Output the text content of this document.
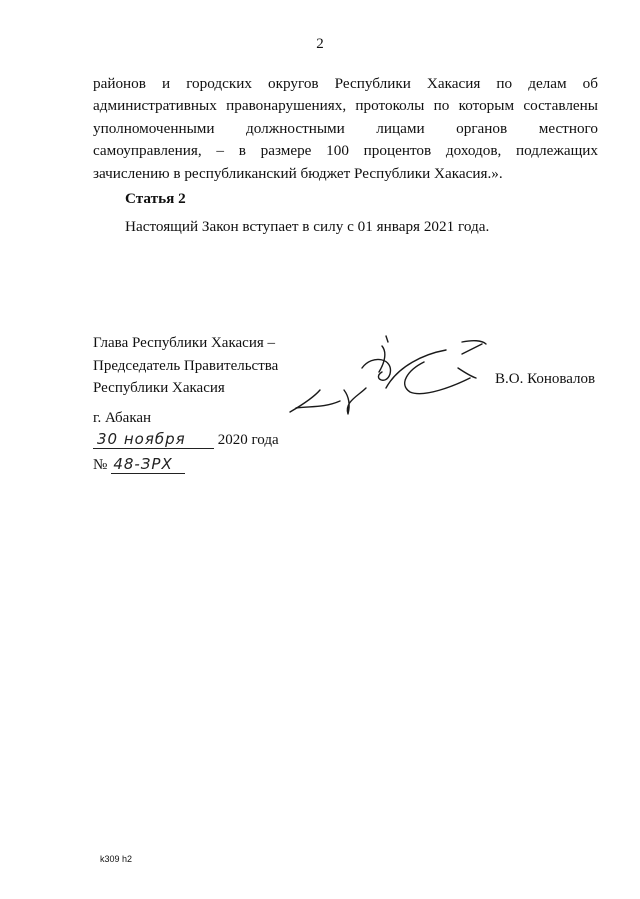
2
районов и городских округов Республики Хакасия по делам об административных правонарушениях, протоколы по которым составлены уполномоченными должностными лицами органов местного самоуправления, – в размере 100 процентов доходов, подлежащих зачислению в республиканский бюджет Республики Хакасия.».
Статья 2
Настоящий Закон вступает в силу с 01 января 2021 года.
Глава Республики Хакасия –
Председатель Правительства
Республики Хакасия
В.О. Коновалов
г. Абакан
30 ноября 2020 года
№ 48-ЗРХ
k309 h2
